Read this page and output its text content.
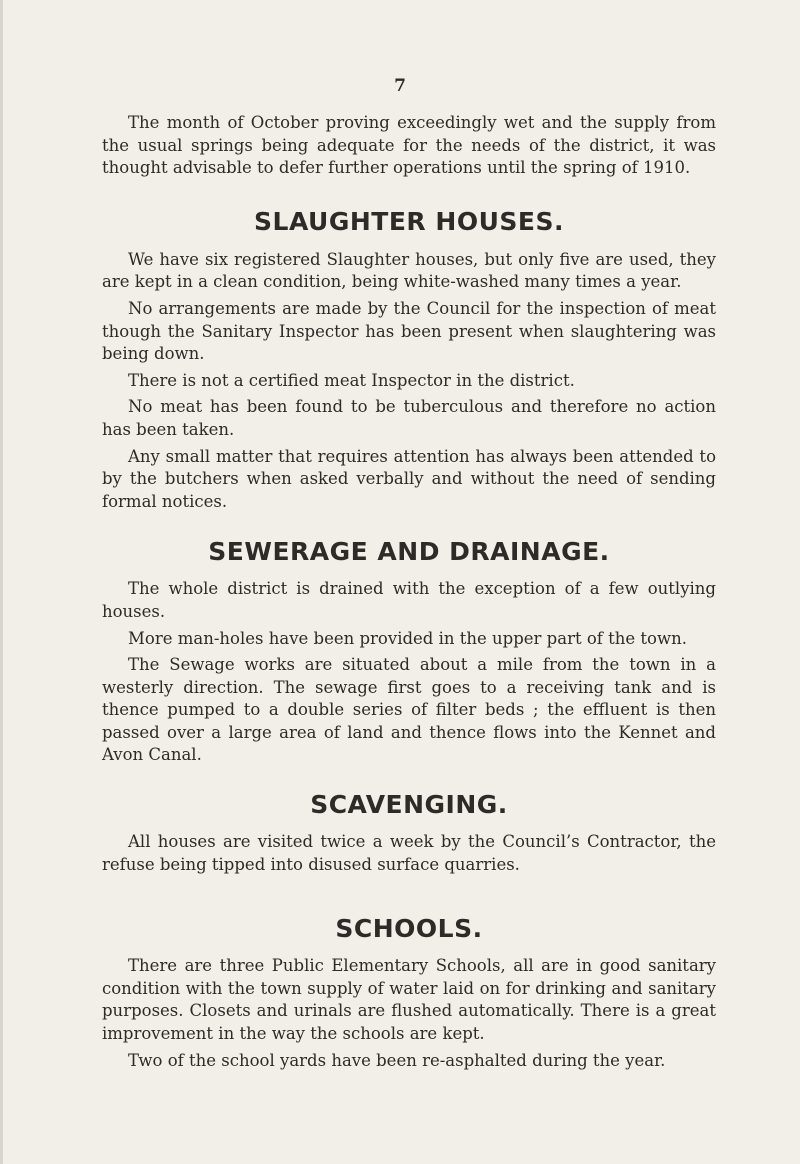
7

The month of October proving exceedingly wet and the supply from the usual springs being adequate for the needs of the district, it was thought advisable to defer further operations until the spring of 1910.

SLAUGHTER HOUSES.

We have six registered Slaughter houses, but only five are used, they are kept in a clean condition, being white-washed many times a year.

No arrangements are made by the Council for the inspection of meat though the Sanitary Inspector has been present when slaughtering was being down.

There is not a certified meat Inspector in the district.

No meat has been found to be tuberculous and therefore no action has been taken.

Any small matter that requires attention has always been attended to by the butchers when asked verbally and without the need of sending formal notices.

SEWERAGE AND DRAINAGE.

The whole district is drained with the exception of a few outlying houses.

More man-holes have been provided in the upper part of the town.

The Sewage works are situated about a mile from the town in a westerly direction. The sewage first goes to a receiving tank and is thence pumped to a double series of filter beds ; the effluent is then passed over a large area of land and thence flows into the Kennet and Avon Canal.

SCAVENGING.

All houses are visited twice a week by the Council’s Contractor, the refuse being tipped into disused surface quarries.

SCHOOLS.

There are three Public Elementary Schools, all are in good sanitary condition with the town supply of water laid on for drinking and sanitary purposes. Closets and urinals are flushed automatically. There is a great improvement in the way the schools are kept.

Two of the school yards have been re-asphalted during the year.
